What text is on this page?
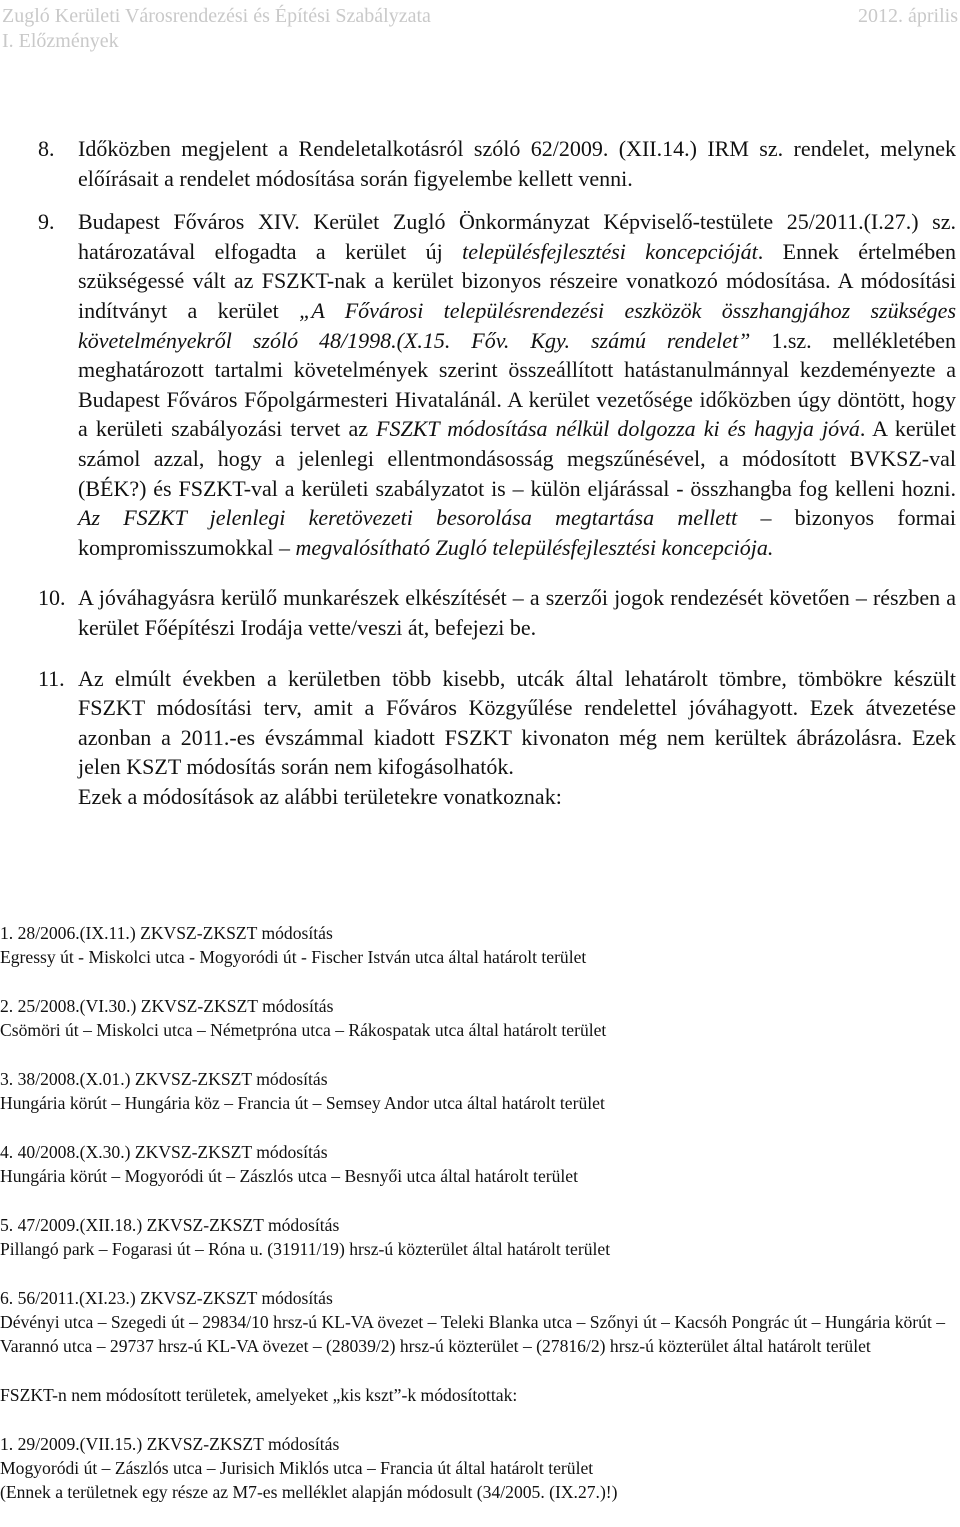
Zugló Kerületi Városrendezési és Építési Szabályzata	2012. április
I. Előzmények
8.	Időközben megjelent a Rendeletalkotásról szóló 62/2009. (XII.14.) IRM sz. rendelet, melynek előírásait a rendelet módosítása során figyelembe kellett venni.
9.	Budapest Főváros XIV. Kerület Zugló Önkormányzat Képviselő-testülete 25/2011.(I.27.) sz. határozatával elfogadta a kerület új településfejlesztési koncepcióját. Ennek értelmében szükségessé vált az FSZKT-nak a kerület bizonyos részeire vonatkozó módosítása. A módosítási indítványt a kerület „A Fővárosi településrendezési eszközök összhangjához szükséges követelményekről szóló 48/1998.(X.15. Főv. Kgy. számú rendelet” 1.sz. mellékletében meghatározott tartalmi követelmények szerint összeállított hatástanulmánnyal kezdeményezte a Budapest Főváros Főpolgármesteri Hivatalánál. A kerület vezetősége időközben úgy döntött, hogy a kerületi szabályozási tervet az FSZKT módosítása nélkül dolgozza ki és hagyja jóvá. A kerület számol azzal, hogy a jelenlegi ellentmondásosság megszűnésével, a módosított BVKSZ-val (BÉK?) és FSZKT-val a kerületi szabályzatot is – külön eljárással - összhangba fog kelleni hozni. Az FSZKT jelenlegi keretövezeti besorolása megtartása mellett – bizonyos formai kompromisszumokkal – megvalósítható Zugló településfejlesztési koncepciója.
10. A jóváhagyásra kerülő munkarészek elkészítését – a szerzői jogok rendezését követően – részben a kerület Főépítészi Irodája vette/veszi át, befejezi be.
11. Az elmúlt években a kerületben több kisebb, utcák által lehatárolt tömbre, tömbökre készült FSZKT módosítási terv, amit a Főváros Közgyűlése rendelettel jóváhagyott. Ezek átvezetése azonban a 2011.-es évszámmal kiadott FSZKT kivonaton még nem kerültek ábrázolásra. Ezek jelen KSZT módosítás során nem kifogásolhatók.
Ezek a módosítások az alábbi területekre vonatkoznak:
1. 28/2006.(IX.11.) ZKVSZ-ZKSZT módosítás
Egressy út - Miskolci utca - Mogyoródi út - Fischer István utca által határolt terület
2. 25/2008.(VI.30.) ZKVSZ-ZKSZT módosítás
Csömöri út – Miskolci utca – Németpróna utca – Rákospatak utca által határolt terület
3. 38/2008.(X.01.) ZKVSZ-ZKSZT módosítás
Hungária körút – Hungária köz – Francia út – Semsey Andor utca által határolt terület
4. 40/2008.(X.30.) ZKVSZ-ZKSZT módosítás
Hungária körút – Mogyoródi út – Zászlós utca – Besnyői utca által határolt terület
5. 47/2009.(XII.18.) ZKVSZ-ZKSZT módosítás
Pillangó park – Fogarasi út – Róna u. (31911/19) hrsz-ú közterület által határolt terület
6. 56/2011.(XI.23.) ZKVSZ-ZKSZT módosítás
Dévényi utca – Szegedi út – 29834/10 hrsz-ú KL-VA övezet – Teleki Blanka utca – Szőnyi út – Kacsóh Pongrác út – Hungária körút – Varannó utca – 29737 hrsz-ú KL-VA övezet – (28039/2) hrsz-ú közterület – (27816/2) hrsz-ú közterület által határolt terület
FSZKT-n nem módosított területek, amelyeket „kis kszt”-k módosítottak:
1. 29/2009.(VII.15.) ZKVSZ-ZKSZT módosítás
Mogyoródi út – Zászlós utca – Jurisich Miklós utca – Francia út által határolt terület
(Ennek a területnek egy része az M7-es melléklet alapján módosult (34/2005. (IX.27.)!)
